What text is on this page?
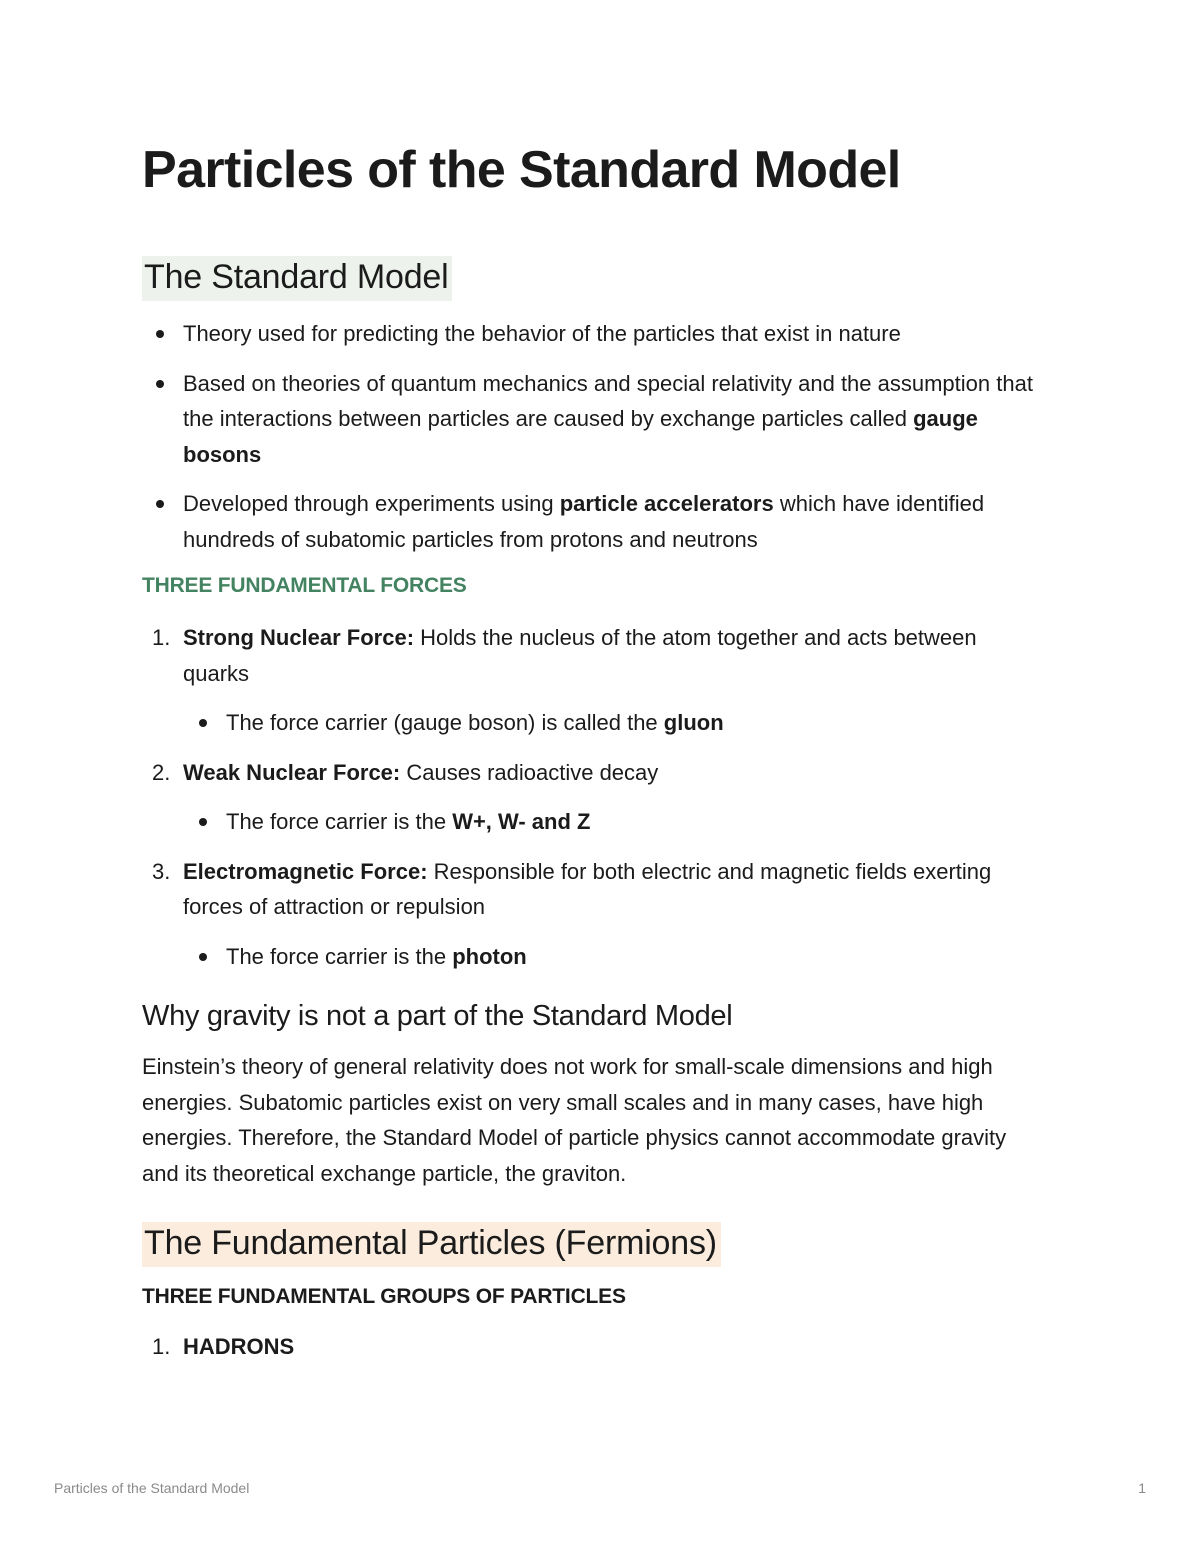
Particles of the Standard Model
The Standard Model
Theory used for predicting the behavior of the particles that exist in nature
Based on theories of quantum mechanics and special relativity and the assumption that the interactions between particles are caused by exchange particles called gauge bosons
Developed through experiments using particle accelerators which have identified hundreds of subatomic particles from protons and neutrons
THREE FUNDAMENTAL FORCES
1. Strong Nuclear Force: Holds the nucleus of the atom together and acts between quarks
The force carrier (gauge boson) is called the gluon
2. Weak Nuclear Force: Causes radioactive decay
The force carrier is the W+, W- and Z
3. Electromagnetic Force: Responsible for both electric and magnetic fields exerting forces of attraction or repulsion
The force carrier is the photon
Why gravity is not a part of the Standard Model

Einstein’s theory of general relativity does not work for small-scale dimensions and high energies. Subatomic particles exist on very small scales and in many cases, have high energies. Therefore, the Standard Model of particle physics cannot accommodate gravity and its theoretical exchange particle, the graviton.

The Fundamental Particles (Fermions)
THREE FUNDAMENTAL GROUPS OF PARTICLES
1. HADRONS
Particles of the Standard Model	1
